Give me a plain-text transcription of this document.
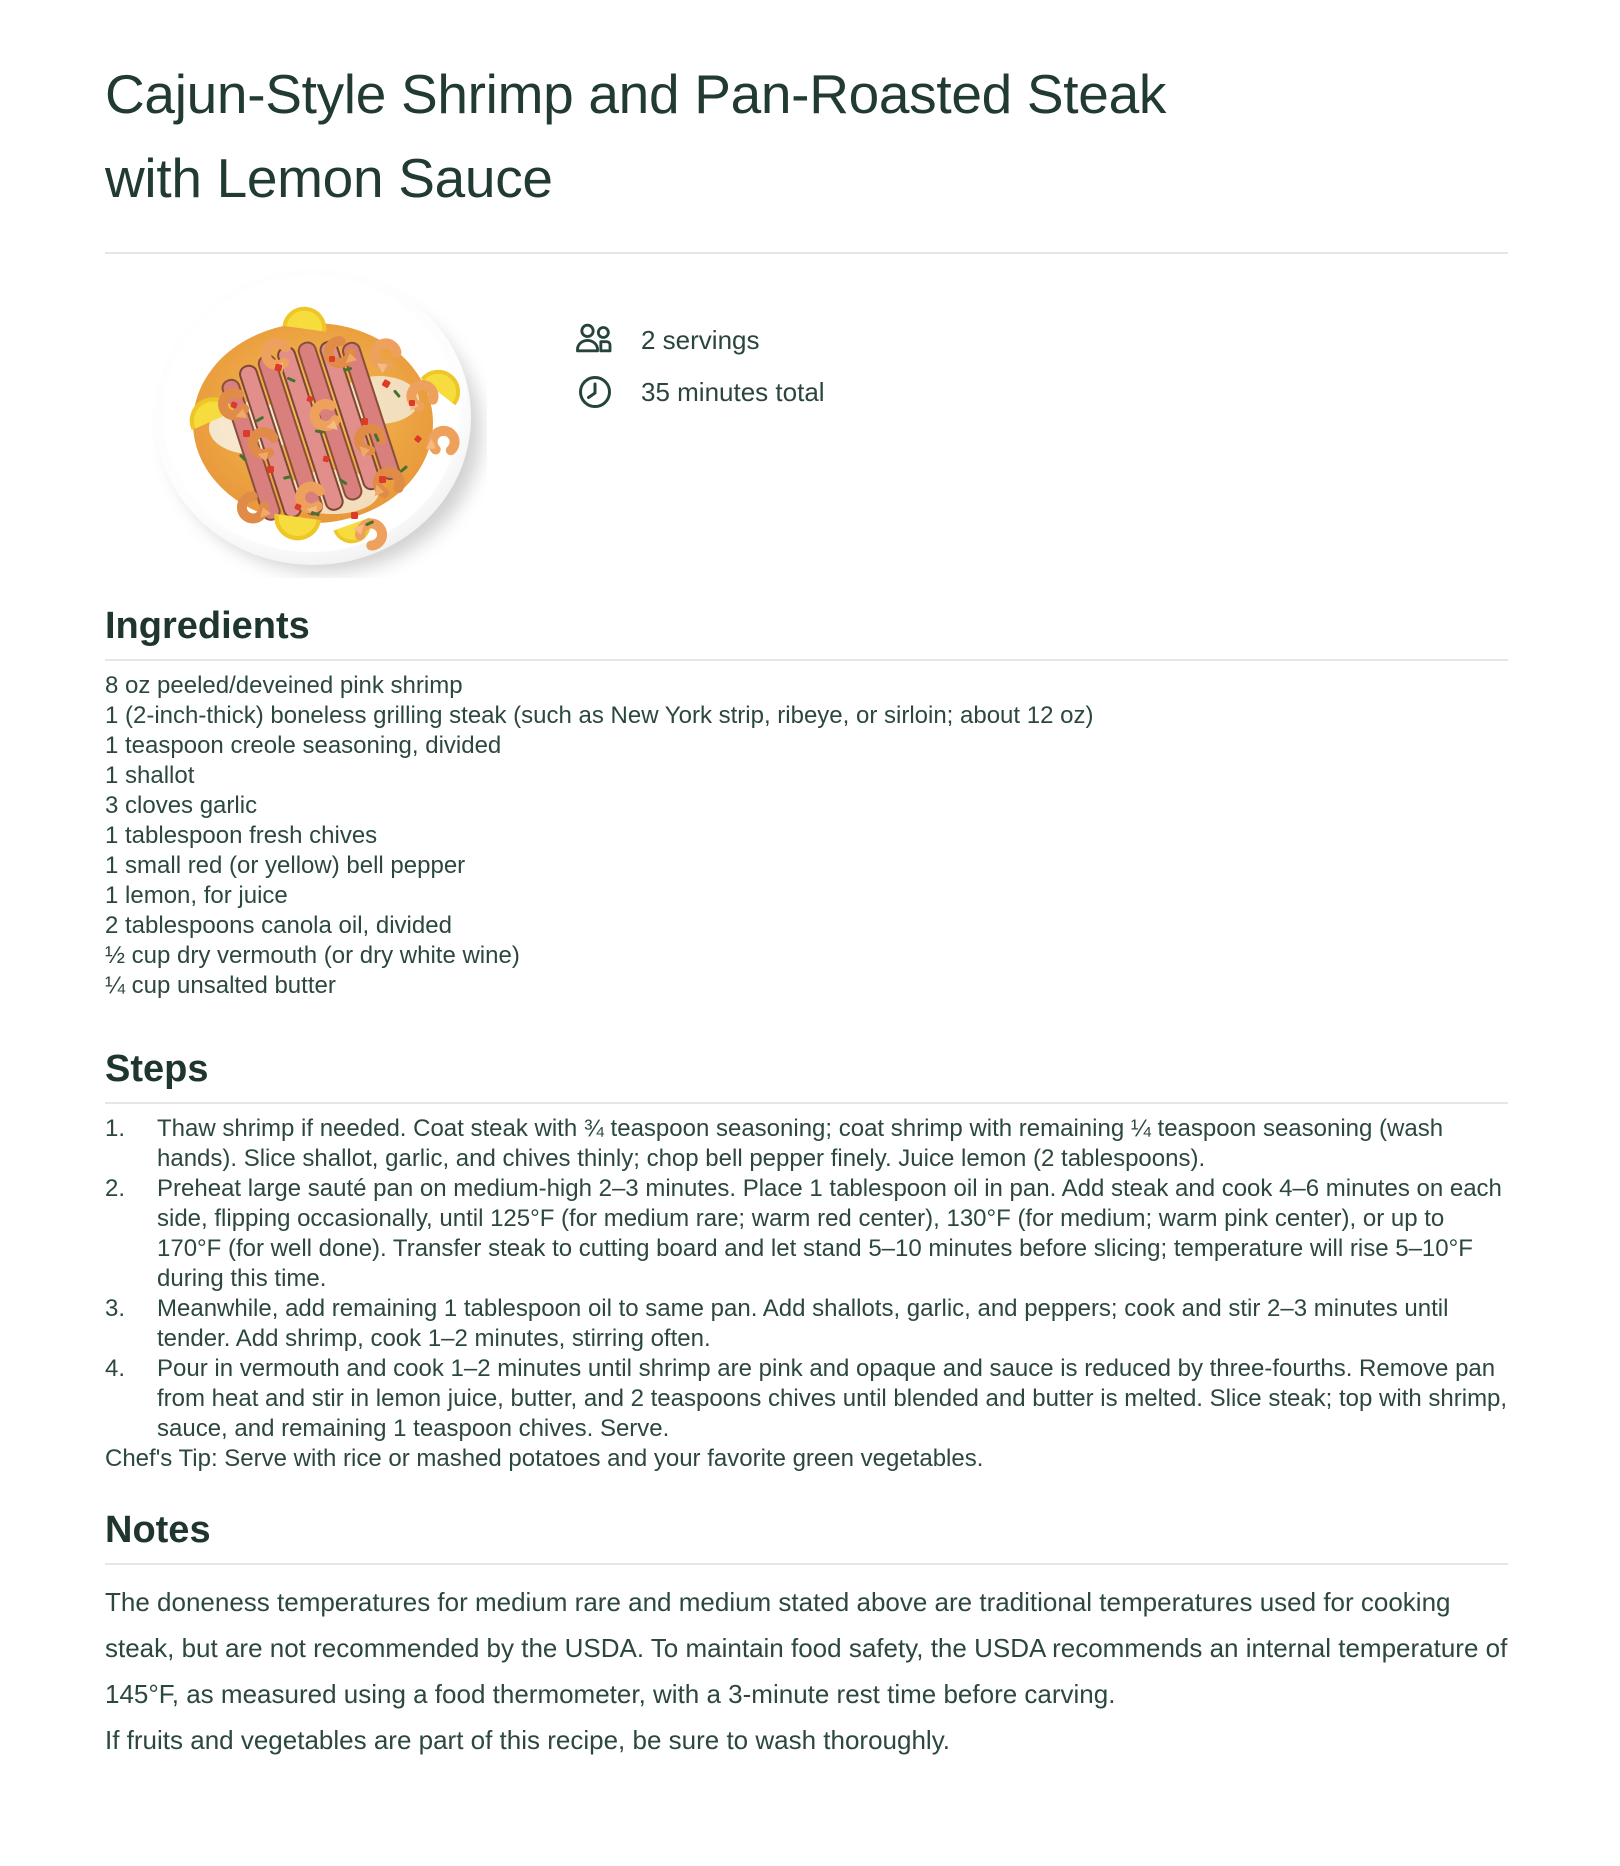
Cajun-Style Shrimp and Pan-Roasted Steak
with Lemon Sauce
2 servings
35 minutes total
Ingredients
8 oz peeled/deveined pink shrimp
1 (2-inch-thick) boneless grilling steak (such as New York strip, ribeye, or sirloin; about 12 oz)
1 teaspoon creole seasoning, divided
1 shallot
3 cloves garlic
1 tablespoon fresh chives
1 small red (or yellow) bell pepper
1 lemon, for juice
2 tablespoons canola oil, divided
½ cup dry vermouth (or dry white wine)
¼ cup unsalted butter
Steps
1.	Thaw shrimp if needed. Coat steak with ¾ teaspoon seasoning; coat shrimp with remaining ¼ teaspoon seasoning (wash hands). Slice shallot, garlic, and chives thinly; chop bell pepper finely. Juice lemon (2 tablespoons).
2.	Preheat large sauté pan on medium-high 2–3 minutes. Place 1 tablespoon oil in pan. Add steak and cook 4–6 minutes on each side, flipping occasionally, until 125°F (for medium rare; warm red center), 130°F (for medium; warm pink center), or up to 170°F (for well done). Transfer steak to cutting board and let stand 5–10 minutes before slicing; temperature will rise 5–10°F during this time.
3.	Meanwhile, add remaining 1 tablespoon oil to same pan. Add shallots, garlic, and peppers; cook and stir 2–3 minutes until tender. Add shrimp, cook 1–2 minutes, stirring often.
4.	Pour in vermouth and cook 1–2 minutes until shrimp are pink and opaque and sauce is reduced by three-fourths. Remove pan from heat and stir in lemon juice, butter, and 2 teaspoons chives until blended and butter is melted. Slice steak; top with shrimp, sauce, and remaining 1 teaspoon chives. Serve.

Chef's Tip: Serve with rice or mashed potatoes and your favorite green vegetables.

Notes

The doneness temperatures for medium rare and medium stated above are traditional temperatures used for cooking steak, but are not recommended by the USDA. To maintain food safety, the USDA recommends an internal temperature of 145°F, as measured using a food thermometer, with a 3-minute rest time before carving.

If fruits and vegetables are part of this recipe, be sure to wash thoroughly.
